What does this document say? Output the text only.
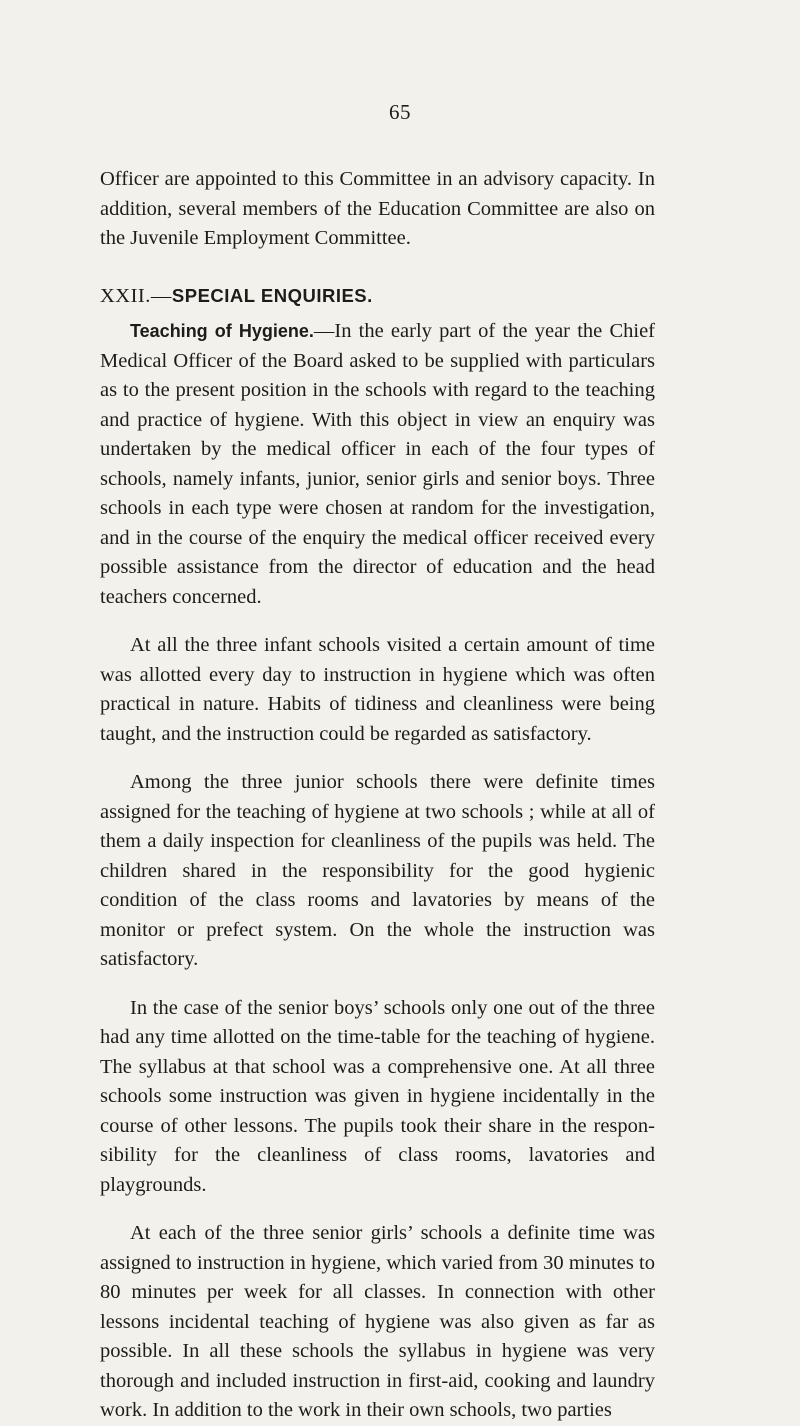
65

Officer are appointed to this Committee in an advisory capacity. In addition, several members of the Education Committee are also on the Juvenile Employment Committee.

XXII.—SPECIAL ENQUIRIES.

Teaching of Hygiene.—In the early part of the year the Chief Medical Officer of the Board asked to be supplied with particulars as to the present position in the schools with regard to the teaching and practice of hygiene. With this object in view an enquiry was undertaken by the medical officer in each of the four types of schools, namely infants, junior, senior girls and senior boys. Three schools in each type were chosen at random for the investigation, and in the course of the enquiry the medical officer received every possible assistance from the director of education and the head teachers concerned.

At all the three infant schools visited a certain amount of time was allotted every day to instruction in hygiene which was often practical in nature. Habits of tidiness and cleanliness were being taught, and the instruction could be regarded as satisfactory.

Among the three junior schools there were definite times assigned for the teaching of hygiene at two schools ; while at all of them a daily inspection for cleanliness of the pupils was held. The children shared in the responsibility for the good hygienic condition of the class rooms and lavatories by means of the monitor or prefect system. On the whole the instruction was satisfactory.

In the case of the senior boys’ schools only one out of the three had any time allotted on the time-table for the teaching of hygiene. The syllabus at that school was a comprehensive one. At all three schools some instruction was given in hygiene incidentally in the course of other lessons. The pupils took their share in the responsibility for the cleanliness of class rooms, lavatories and playgrounds.

At each of the three senior girls’ schools a definite time was assigned to instruction in hygiene, which varied from 30 minutes to 80 minutes per week for all classes. In connection with other lessons incidental teaching of hygiene was also given as far as possible. In all these schools the syllabus in hygiene was very thorough and included instruction in first-aid, cooking and laundry work. In addition to the work in their own schools, two parties
